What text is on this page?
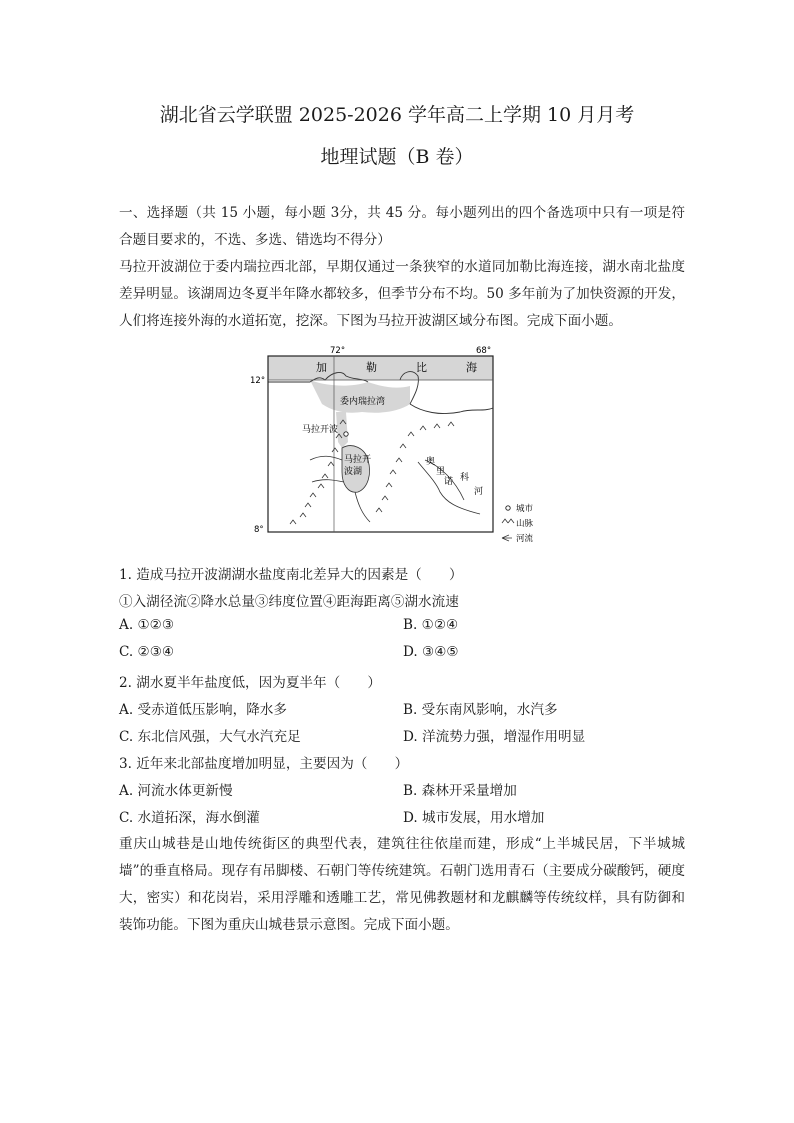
湖北省云学联盟 2025-2026 学年高二上学期 10 月月考
地理试题（B 卷）
一、选择题（共 15 小题，每小题 3分，共 45 分。每小题列出的四个备选项中只有一项是符合题目要求的，不选、多选、错选均不得分）
马拉开波湖位于委内瑞拉西北部，早期仅通过一条狭窄的水道同加勒比海连接，湖水南北盐度差异明显。该湖周边冬夏半年降水都较多，但季节分布不均。50 多年前为了加快资源的开发，人们将连接外海的水道拓宽，挖深。下图为马拉开波湖区域分布图。完成下面小题。
72°	68°
12°
8°
加	勒	比	海
委内瑞拉湾
马拉开波
马拉开
波湖
奥
里
诺 科
河
城市
山脉
河流
1. 造成马拉开波湖湖水盐度南北差异大的因素是（　　）
①入湖径流②降水总量③纬度位置④距海距离⑤湖水流速
A. ①②③	B. ①②④
C. ②③④	D. ③④⑤
2. 湖水夏半年盐度低，因为夏半年（　　）
A. 受赤道低压影响，降水多	B. 受东南风影响，水汽多
C. 东北信风强，大气水汽充足	D. 洋流势力强，增湿作用明显
3. 近年来北部盐度增加明显，主要因为（　　）
A. 河流水体更新慢	B. 森林开采量增加
C. 水道拓深，海水倒灌	D. 城市发展，用水增加
重庆山城巷是山地传统街区的典型代表，建筑往往依崖而建，形成“上半城民居，下半城城墙”的垂直格局。现存有吊脚楼、石朝门等传统建筑。石朝门选用青石（主要成分碳酸钙，硬度大，密实）和花岗岩，采用浮雕和透雕工艺，常见佛教题材和龙麒麟等传统纹样，具有防御和装饰功能。下图为重庆山城巷景示意图。完成下面小题。
